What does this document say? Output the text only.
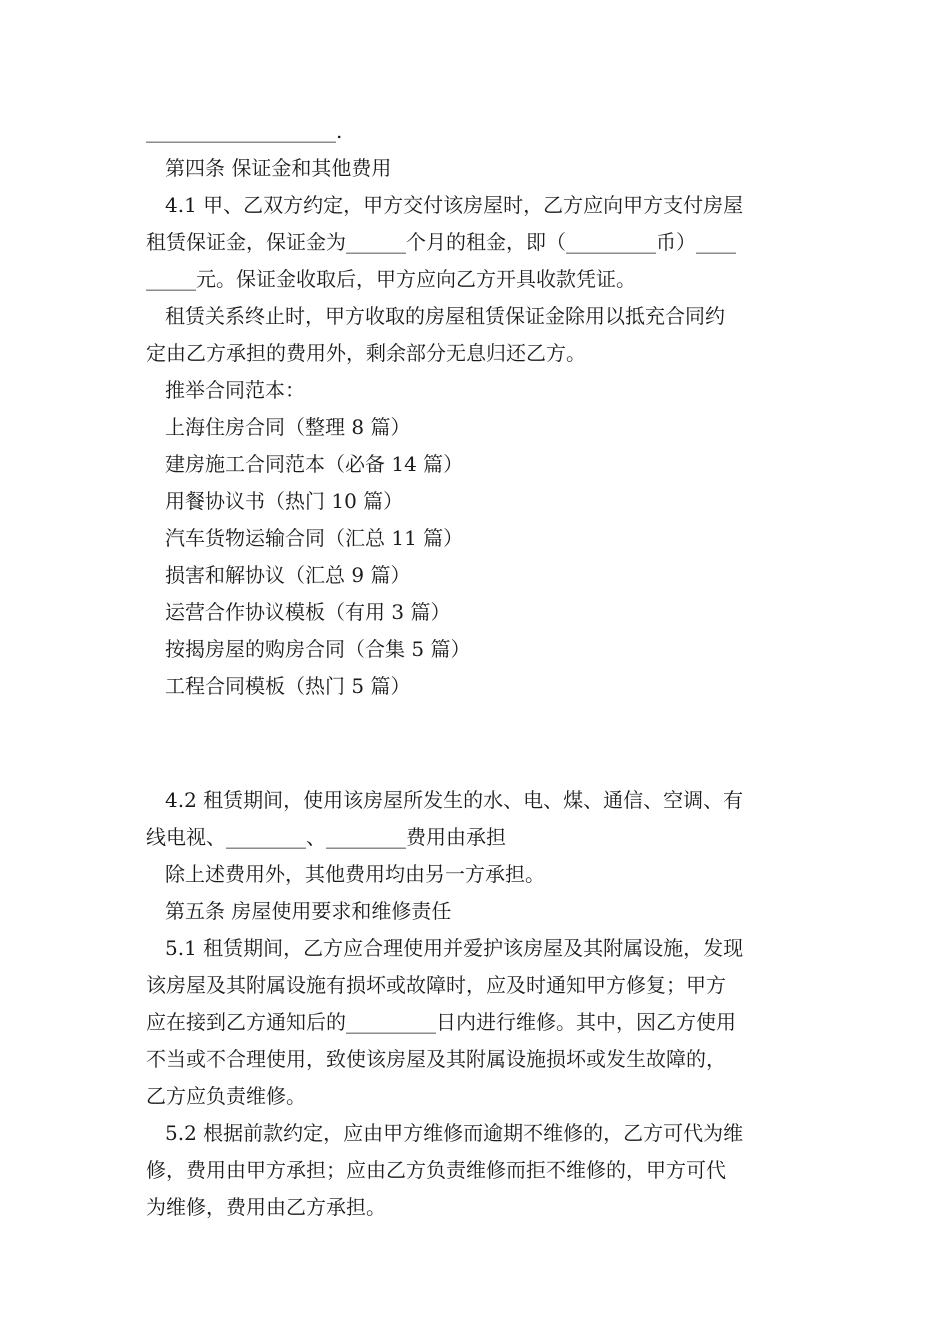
___________________.

第四条 保证金和其他费用

4.1 甲、乙双方约定，甲方交付该房屋时，乙方应向甲方支付房屋

租赁保证金，保证金为______个月的租金，即（_________币）____

_____元。保证金收取后，甲方应向乙方开具收款凭证。

租赁关系终止时，甲方收取的房屋租赁保证金除用以抵充合同约

定由乙方承担的费用外，剩余部分无息归还乙方。

推举合同范本：

上海住房合同（整理 8 篇）

建房施工合同范本（必备 14 篇）

用餐协议书（热门 10 篇）

汽车货物运输合同（汇总 11 篇）

损害和解协议（汇总 9 篇）

运营合作协议模板（有用 3 篇）

按揭房屋的购房合同（合集 5 篇）

工程合同模板（热门 5 篇）

4.2 租赁期间，使用该房屋所发生的水、电、煤、通信、空调、有

线电视、________、________费用由承担

除上述费用外，其他费用均由另一方承担。

第五条 房屋使用要求和维修责任

5.1 租赁期间，乙方应合理使用并爱护该房屋及其附属设施，发现

该房屋及其附属设施有损坏或故障时，应及时通知甲方修复；甲方

应在接到乙方通知后的_________日内进行维修。其中，因乙方使用

不当或不合理使用，致使该房屋及其附属设施损坏或发生故障的，

乙方应负责维修。

5.2 根据前款约定，应由甲方维修而逾期不维修的，乙方可代为维

修，费用由甲方承担；应由乙方负责维修而拒不维修的，甲方可代

为维修，费用由乙方承担。
